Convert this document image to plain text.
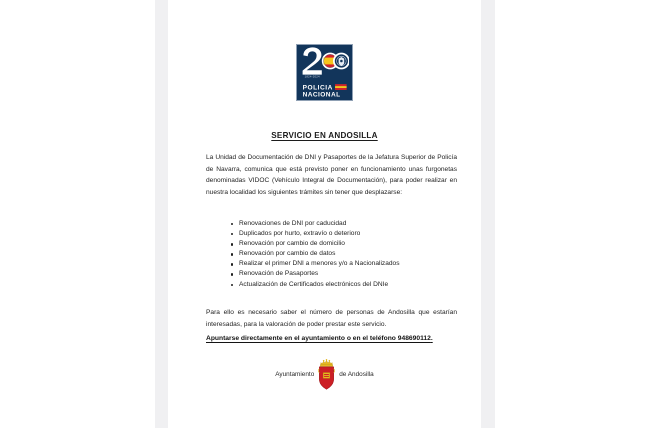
1824-2024
POLICIA
NACIONAL
SERVICIO EN ANDOSILLA
La Unidad de Documentación de DNI y Pasaportes de la Jefatura Superior de Policía de Navarra, comunica que está previsto poner en funcionamiento unas furgonetas denominadas VIDOC (Vehículo Integral de Documentación), para poder realizar en nuestra localidad los siguientes trámites sin tener que desplazarse:
Renovaciones de DNI por caducidad
Duplicados por hurto, extravío o deterioro
Renovación por cambio de domicilio
Renovación por cambio de datos
Realizar el primer DNI a menores y/o a Nacionalizados
Renovación de Pasaportes
Actualización de Certificados electrónicos del DNIe
Para ello es necesario saber el número de personas de Andosilla que estarían interesadas, para la valoración de poder prestar este servicio.
Apuntarse directamente en el ayuntamiento o en el teléfono 948690112.
Ayuntamiento	de Andosilla
